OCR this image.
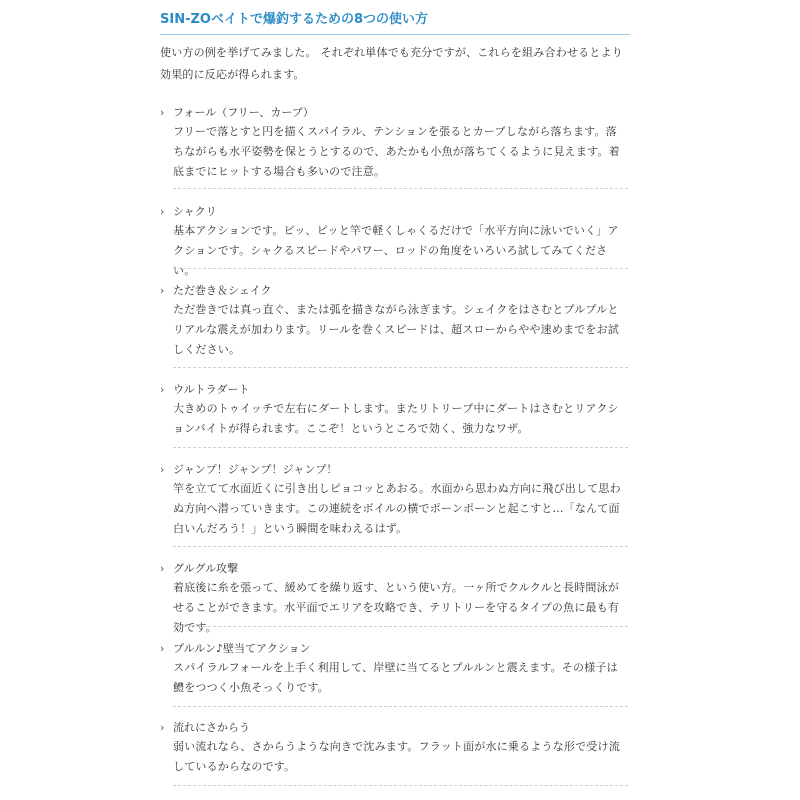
SIN-ZOベイトで爆釣するための8つの使い方

使い方の例を挙げてみました。 それぞれ単体でも充分ですが、これらを組み合わせるとより効果的に反応が得られます。

› フォール（フリー、カーブ）

フリーで落とすと円を描くスパイラル、テンションを張るとカーブしながら落ちます。落ちながらも水平姿勢を保とうとするので、あたかも小魚が落ちてくるように見えます。着底までにヒットする場合も多いので注意。

› シャクリ

基本アクションです。ピッ、ピッと竿で軽くしゃくるだけで「水平方向に泳いでいく」アクションです。シャクるスピードやパワー、ロッドの角度をいろいろ試してみてください。

› ただ巻き＆シェイク

ただ巻きでは真っ直ぐ、または弧を描きながら泳ぎます。シェイクをはさむとプルプルとリアルな震えが加わります。リールを巻くスピードは、超スローからやや速めまでをお試しください。

› ウルトラダート

大きめのトゥイッチで左右にダートします。またリトリーブ中にダートはさむとリアクションバイトが得られます。ここぞ！というところで効く、強力なワザ。

› ジャンプ！ジャンプ！ジャンプ！

竿を立てて水面近くに引き出しピョコッとあおる。水面から思わぬ方向に飛び出して思わぬ方向へ潜っていきます。この連続をボイルの横でポーンポーンと起こすと…「なんて面白いんだろう！」という瞬間を味わえるはず。

› グルグル攻撃

着底後に糸を張って、緩めてを繰り返す、という使い方。一ヶ所でクルクルと長時間泳がせることができます。水平面でエリアを攻略でき、テリトリーを守るタイプの魚に最も有効です。

› プルルン♪壁当てアクション

スパイラルフォールを上手く利用して、岸壁に当てるとプルルンと震えます。その様子は鱧をつつく小魚そっくりです。

› 流れにさからう

弱い流れなら、さからうような向きで沈みます。フラット面が水に乗るような形で受け流しているからなのです。
